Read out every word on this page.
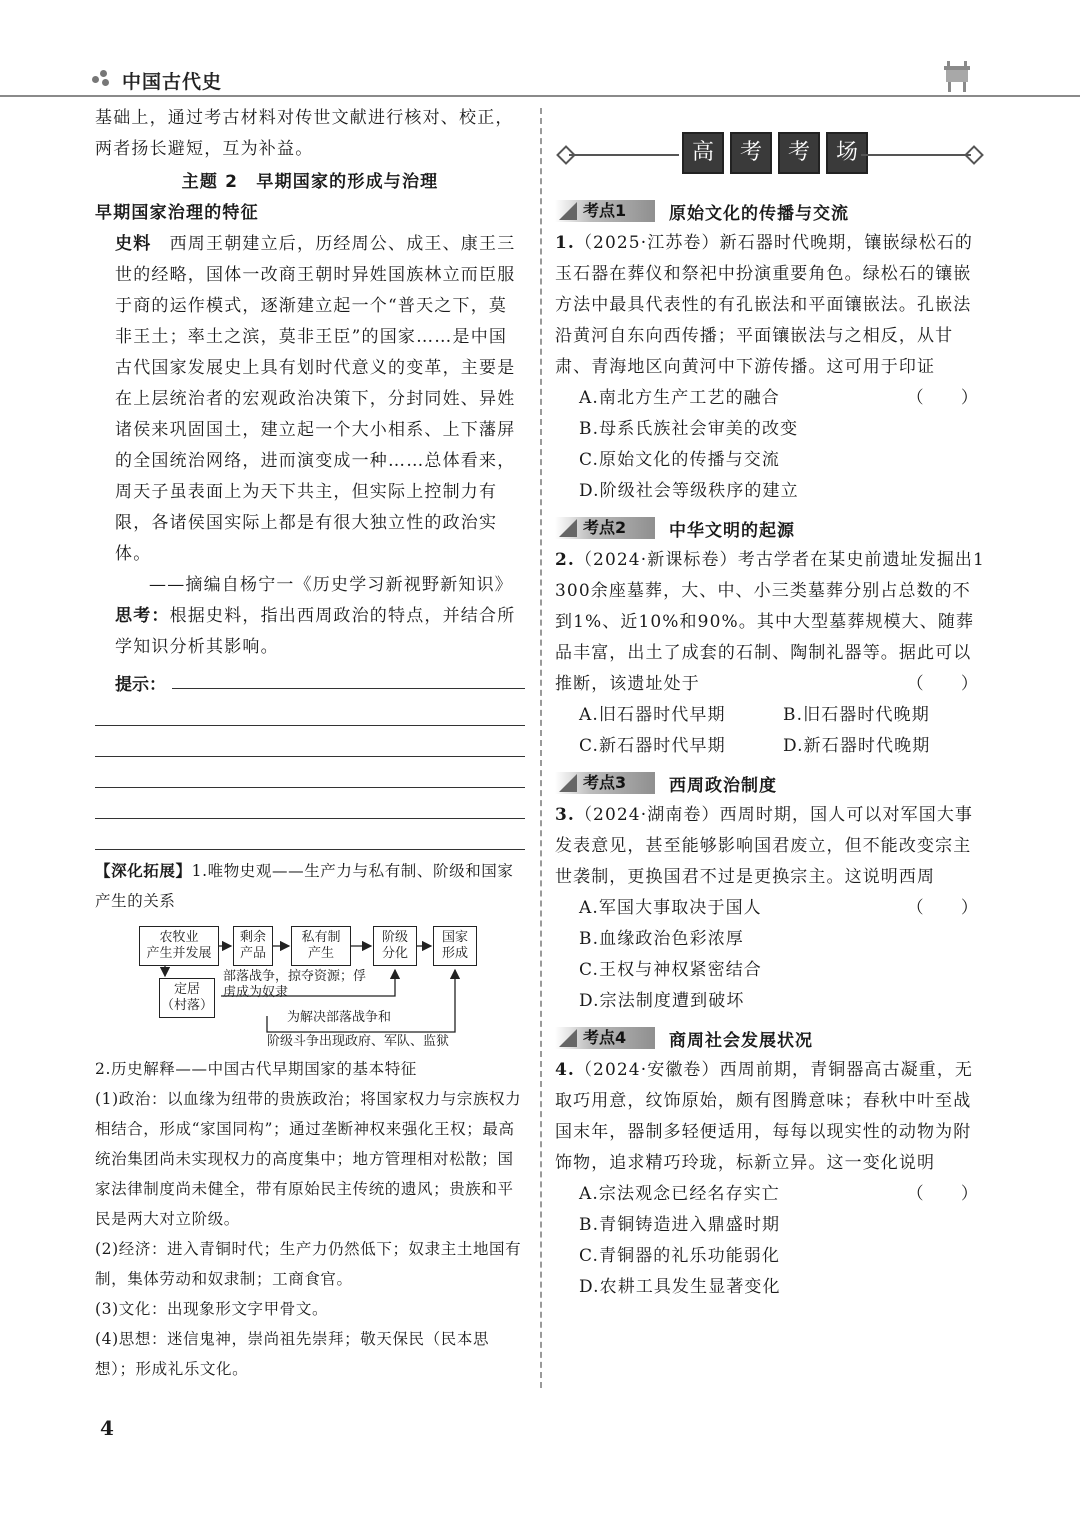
中国古代史
基础上，通过考古材料对传世文献进行核对、校正，
两者扬长避短，互为补益。
主题 2　早期国家的形成与治理
早期国家治理的特征
史料　 西周王朝建立后，历经周公、成王、康王三世的经略，国体一改商王朝时异姓国族林立而臣服于商的运作模式，逐渐建立起一个“普天之下，莫非王土；率土之滨，莫非王臣”的国家……是中国古代国家发展史上具有划时代意义的变革，主要是在上层统治者的宏观政治决策下，分封同姓、异姓诸侯来巩固国土，建立起一个大小相系、上下藩屏的全国统治网络，进而演变成一种……总体看来，周天子虽表面上为天下共主，但实际上控制力有限，各诸侯国实际上都是有很大独立性的政治实体。
——摘编自杨宁一《历史学习新视野新知识》
思考：根据史料，指出西周政治的特点，并结合所学知识分析其影响。
提示：
【深化拓展】1.唯物史观——生产力与私有制、阶级和国家产生的关系
农牧业
产生并发展
剩余
产品
私有制
产生
阶级
分化
国家
形成
定居
（村落）
部落战争，掠夺资源；俘虏成为奴隶
为解决部落战争和
阶级斗争出现政府、军队、监狱
2.历史解释——中国古代早期国家的基本特征
(1)政治：以血缘为纽带的贵族政治；将国家权力与宗族权力相结合，形成“家国同构”；通过垄断神权来强化王权；最高统治集团尚未实现权力的高度集中；地方管理相对松散；国家法律制度尚未健全，带有原始民主传统的遗风；贵族和平民是两大对立阶级。
(2)经济：进入青铜时代；生产力仍然低下；奴隶主土地国有制，集体劳动和奴隶制；工商食官。
(3)文化：出现象形文字甲骨文。
(4)思想：迷信鬼神，崇尚祖先崇拜；敬天保民（民本思想）；形成礼乐文化。
高	考	考	场
考点1	原始文化的传播与交流
1.（2025·江苏卷）新石器时代晚期，镶嵌绿松石的玉石器在葬仪和祭祀中扮演重要角色。绿松石的镶嵌方法中最具代表性的有孔嵌法和平面镶嵌法。孔嵌法沿黄河自东向西传播；平面镶嵌法与之相反，从甘肃、青海地区向黄河中下游传播。这可用于印证
（　　）
A.南北方生产工艺的融合
B.母系氏族社会审美的改变
C.原始文化的传播与交流
D.阶级社会等级秩序的建立
考点2	中华文明的起源
2.（2024·新课标卷）考古学者在某史前遗址发掘出1 300余座墓葬，大、中、小三类墓葬分别占总数的不到1%、近10%和90%。其中大型墓葬规模大、随葬品丰富，出土了成套的石制、陶制礼器等。据此可以推断，该遗址处于	（　　）
A.旧石器时代早期	B.旧石器时代晚期
C.新石器时代早期	D.新石器时代晚期
考点3	西周政治制度
3.（2024·湖南卷）西周时期，国人可以对军国大事发表意见，甚至能够影响国君废立，但不能改变宗主世袭制，更换国君不过是更换宗主。这说明西周
（　　）
A.军国大事取决于国人
B.血缘政治色彩浓厚
C.王权与神权紧密结合
D.宗法制度遭到破坏
考点4	商周社会发展状况
4.（2024·安徽卷）西周前期，青铜器高古凝重，无取巧用意，纹饰原始，颇有图腾意味；春秋中叶至战国末年，器制多轻便适用，每每以现实性的动物为附饰物，追求精巧玲珑，标新立异。这一变化说明
（　　）
A.宗法观念已经名存实亡
B.青铜铸造进入鼎盛时期
C.青铜器的礼乐功能弱化
D.农耕工具发生显著变化
4
